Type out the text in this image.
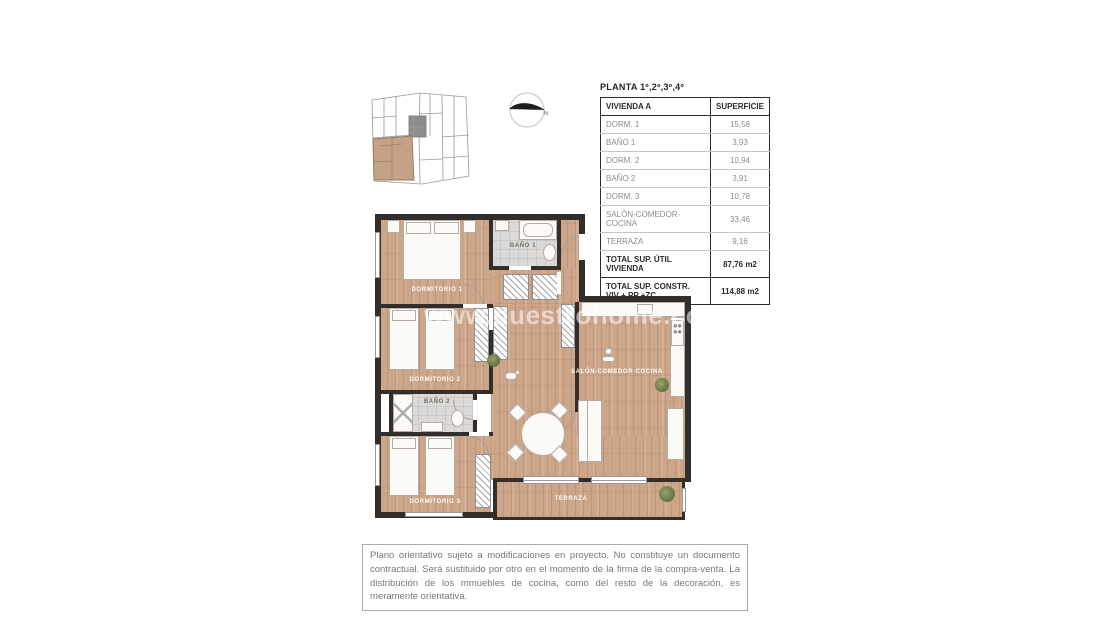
N
PLANTA 1º,2º,3º,4º
VIVIENDA A	SUPERFICIE
DORM. 1	15,58
BAÑO 1	3,93
DORM. 2	10,94
BAÑO 2	3,91
DORM. 3	10,78
SALÓN-COMEDOR-COCINA	33,46
TERRAZA	9,16
TOTAL SUP. ÚTIL VIVIENDA	87,76 m2
TOTAL SUP. CONSTR.	114,88 m2
DORMITORIO 1
DORMITORIO 2
DORMITORIO 3
BAÑO 1
BAÑO 2
SALÓN-COMEDOR-COCINA
TERRAZA
www.nuestrohome.com
Plano orientativo sujeto a modificaciones en proyecto. No constituye un documento contractual. Será sustituido por otro en el momento de la firma de la compra-venta. La distribución de los mmuebles de cocina, como del resto de la decoración, es meramente orientativa.
